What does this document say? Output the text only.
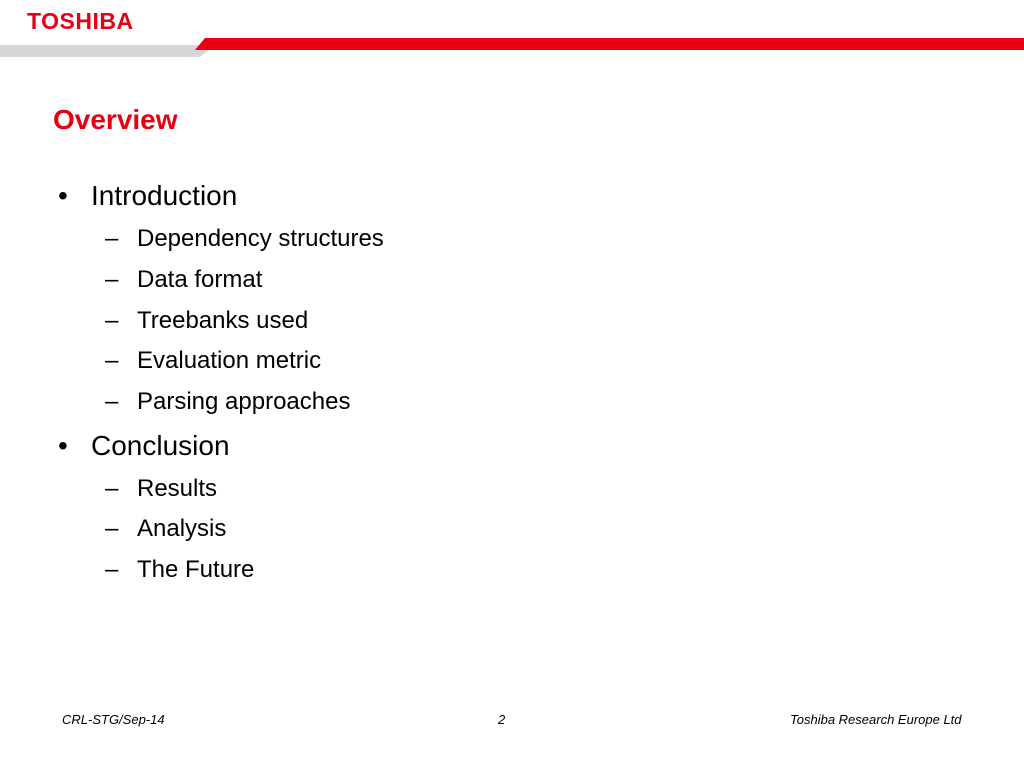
TOSHIBA
Overview
• Introduction
– Dependency structures
– Data format
– Treebanks used
– Evaluation metric
– Parsing approaches
• Conclusion
– Results
– Analysis
– The Future
CRL-STG/Sep-14	2	Toshiba Research Europe Ltd
